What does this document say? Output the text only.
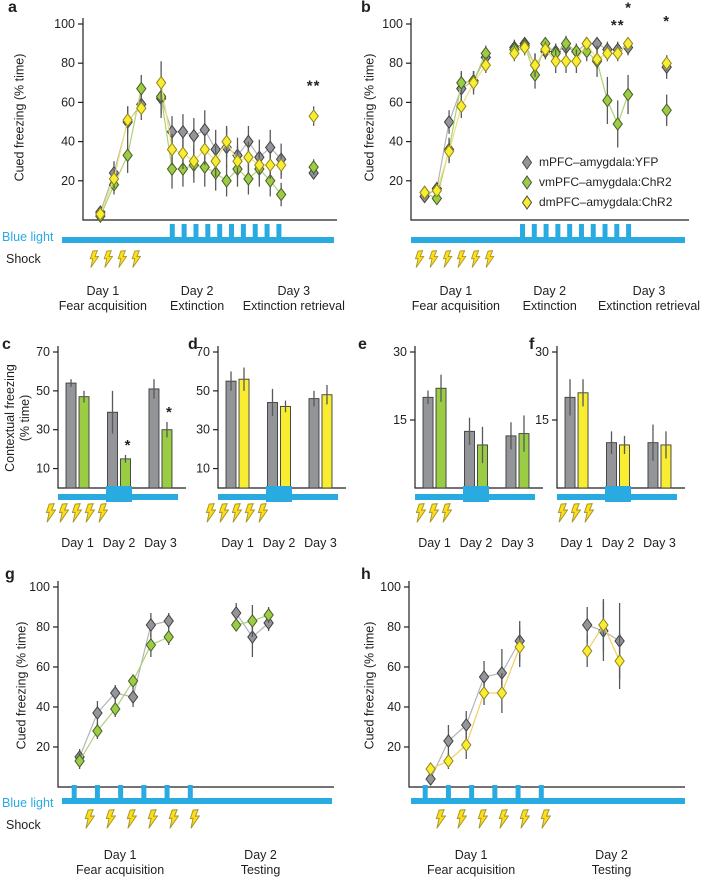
a
Cued freezing (% time)
Blue light
Shock
20
40
60
80
100
**
Day 1
Fear acquisition
Day 2
Extinction
Day 3
Extinction retrieval
b
Cued freezing (% time)	mPFC–amygdala:YFP
vmPFC–amygdala:ChR2
dmPFC–amygdala:ChR2
20
40
60
80
100	**
*
*
Day 1
Fear acquisition
Day 2
Extinction
Day 3
Extinction retrieval
c
Contextual freezing (% time)
10
30
50
70
*
*
Day 1 Day 2 Day 3
d
10
30
50
70
Day 1 Day 2 Day 3
e
15
30
Day 1 Day 2 Day 3
f
15
30
Day 1 Day 2 Day 3
g
Cued freezing (% time)
Blue light
Shock
20
40
60
80
100
Day 1
Fear acquisition
Day 2
Testing
h
Cued freezing (% time) 20
40
60
80
100
Day 1
Fear acquisition
Day 2
Testing
